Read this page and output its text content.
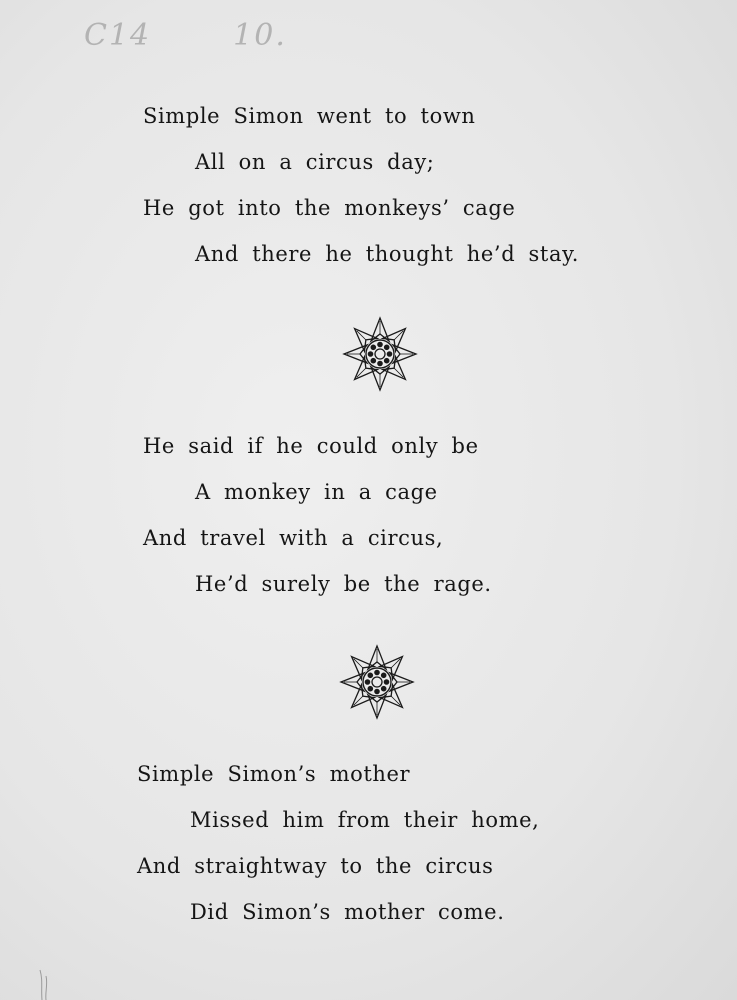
C14	10.
Simple Simon went to town
All on a circus day;
He got into the monkeys’ cage
And there he thought he’d stay.
He said if he could only be
A monkey in a cage
And travel with a circus,
He’d surely be the rage.
Simple Simon’s mother
Missed him from their home,
And straightway to the circus
Did Simon’s mother come.
